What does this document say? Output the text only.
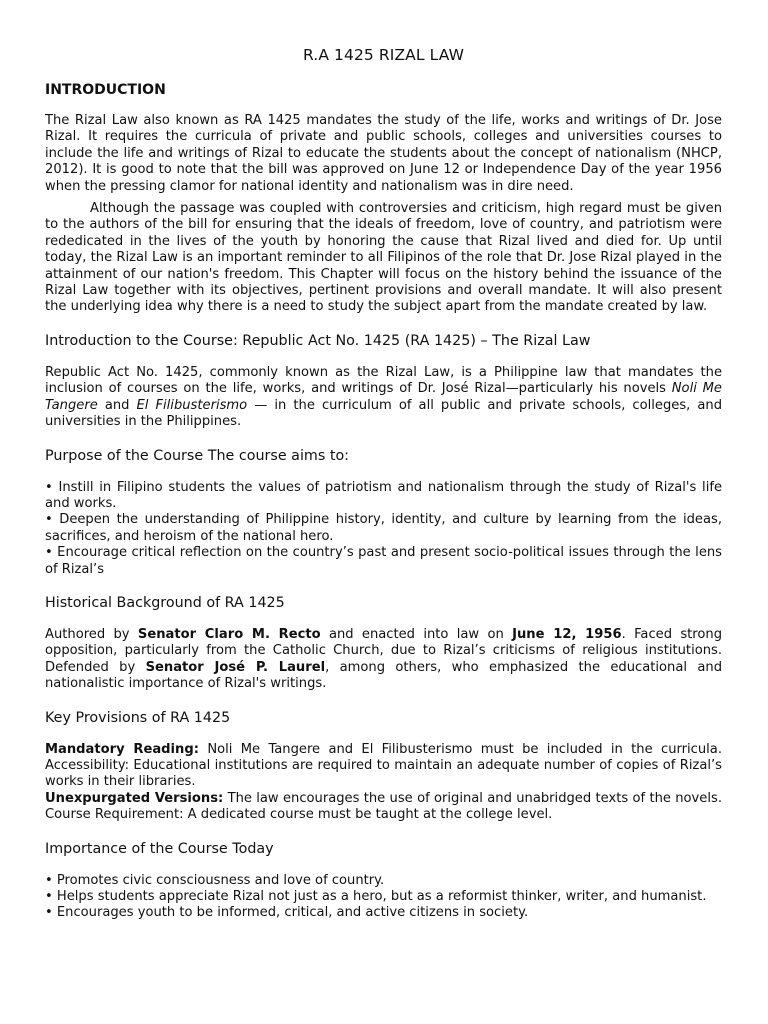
R.A 1425 RIZAL LAW
INTRODUCTION

The Rizal Law also known as RA 1425 mandates the study of the life, works and writings of Dr. Jose Rizal. It requires the curricula of private and public schools, colleges and universities courses to include the life and writings of Rizal to educate the students about the concept of nationalism (NHCP, 2012). It is good to note that the bill was approved on June 12 or Independence Day of the year 1956 when the pressing clamor for national identity and nationalism was in dire need.

Although the passage was coupled with controversies and criticism, high regard must be given to the authors of the bill for ensuring that the ideals of freedom, love of country, and patriotism were rededicated in the lives of the youth by honoring the cause that Rizal lived and died for. Up until today, the Rizal Law is an important reminder to all Filipinos of the role that Dr. Jose Rizal played in the attainment of our nation's freedom. This Chapter will focus on the history behind the issuance of the Rizal Law together with its objectives, pertinent provisions and overall mandate. It will also present the underlying idea why there is a need to study the subject apart from the mandate created by law.

Introduction to the Course: Republic Act No. 1425 (RA 1425) – The Rizal Law

Republic Act No. 1425, commonly known as the Rizal Law, is a Philippine law that mandates the inclusion of courses on the life, works, and writings of Dr. José Rizal—particularly his novels Noli Me Tangere and El Filibusterismo — in the curriculum of all public and private schools, colleges, and universities in the Philippines.

Purpose of the Course The course aims to:
• Instill in Filipino students the values of patriotism and nationalism through the study of Rizal's life and works.
• Deepen the understanding of Philippine history, identity, and culture by learning from the ideas, sacrifices, and heroism of the national hero.
• Encourage critical reflection on the country’s past and present socio-political issues through the lens of Rizal’s
Historical Background of RA 1425

Authored by Senator Claro M. Recto and enacted into law on June 12, 1956. Faced strong opposition, particularly from the Catholic Church, due to Rizal’s criticisms of religious institutions. Defended by Senator José P. Laurel, among others, who emphasized the educational and nationalistic importance of Rizal's writings.

Key Provisions of RA 1425

Mandatory Reading: Noli Me Tangere and El Filibusterismo must be included in the curricula. Accessibility: Educational institutions are required to maintain an adequate number of copies of Rizal’s works in their libraries.

Unexpurgated Versions: The law encourages the use of original and unabridged texts of the novels. Course Requirement: A dedicated course must be taught at the college level.

Importance of the Course Today
• Promotes civic consciousness and love of country.
• Helps students appreciate Rizal not just as a hero, but as a reformist thinker, writer, and humanist.
• Encourages youth to be informed, critical, and active citizens in society.
